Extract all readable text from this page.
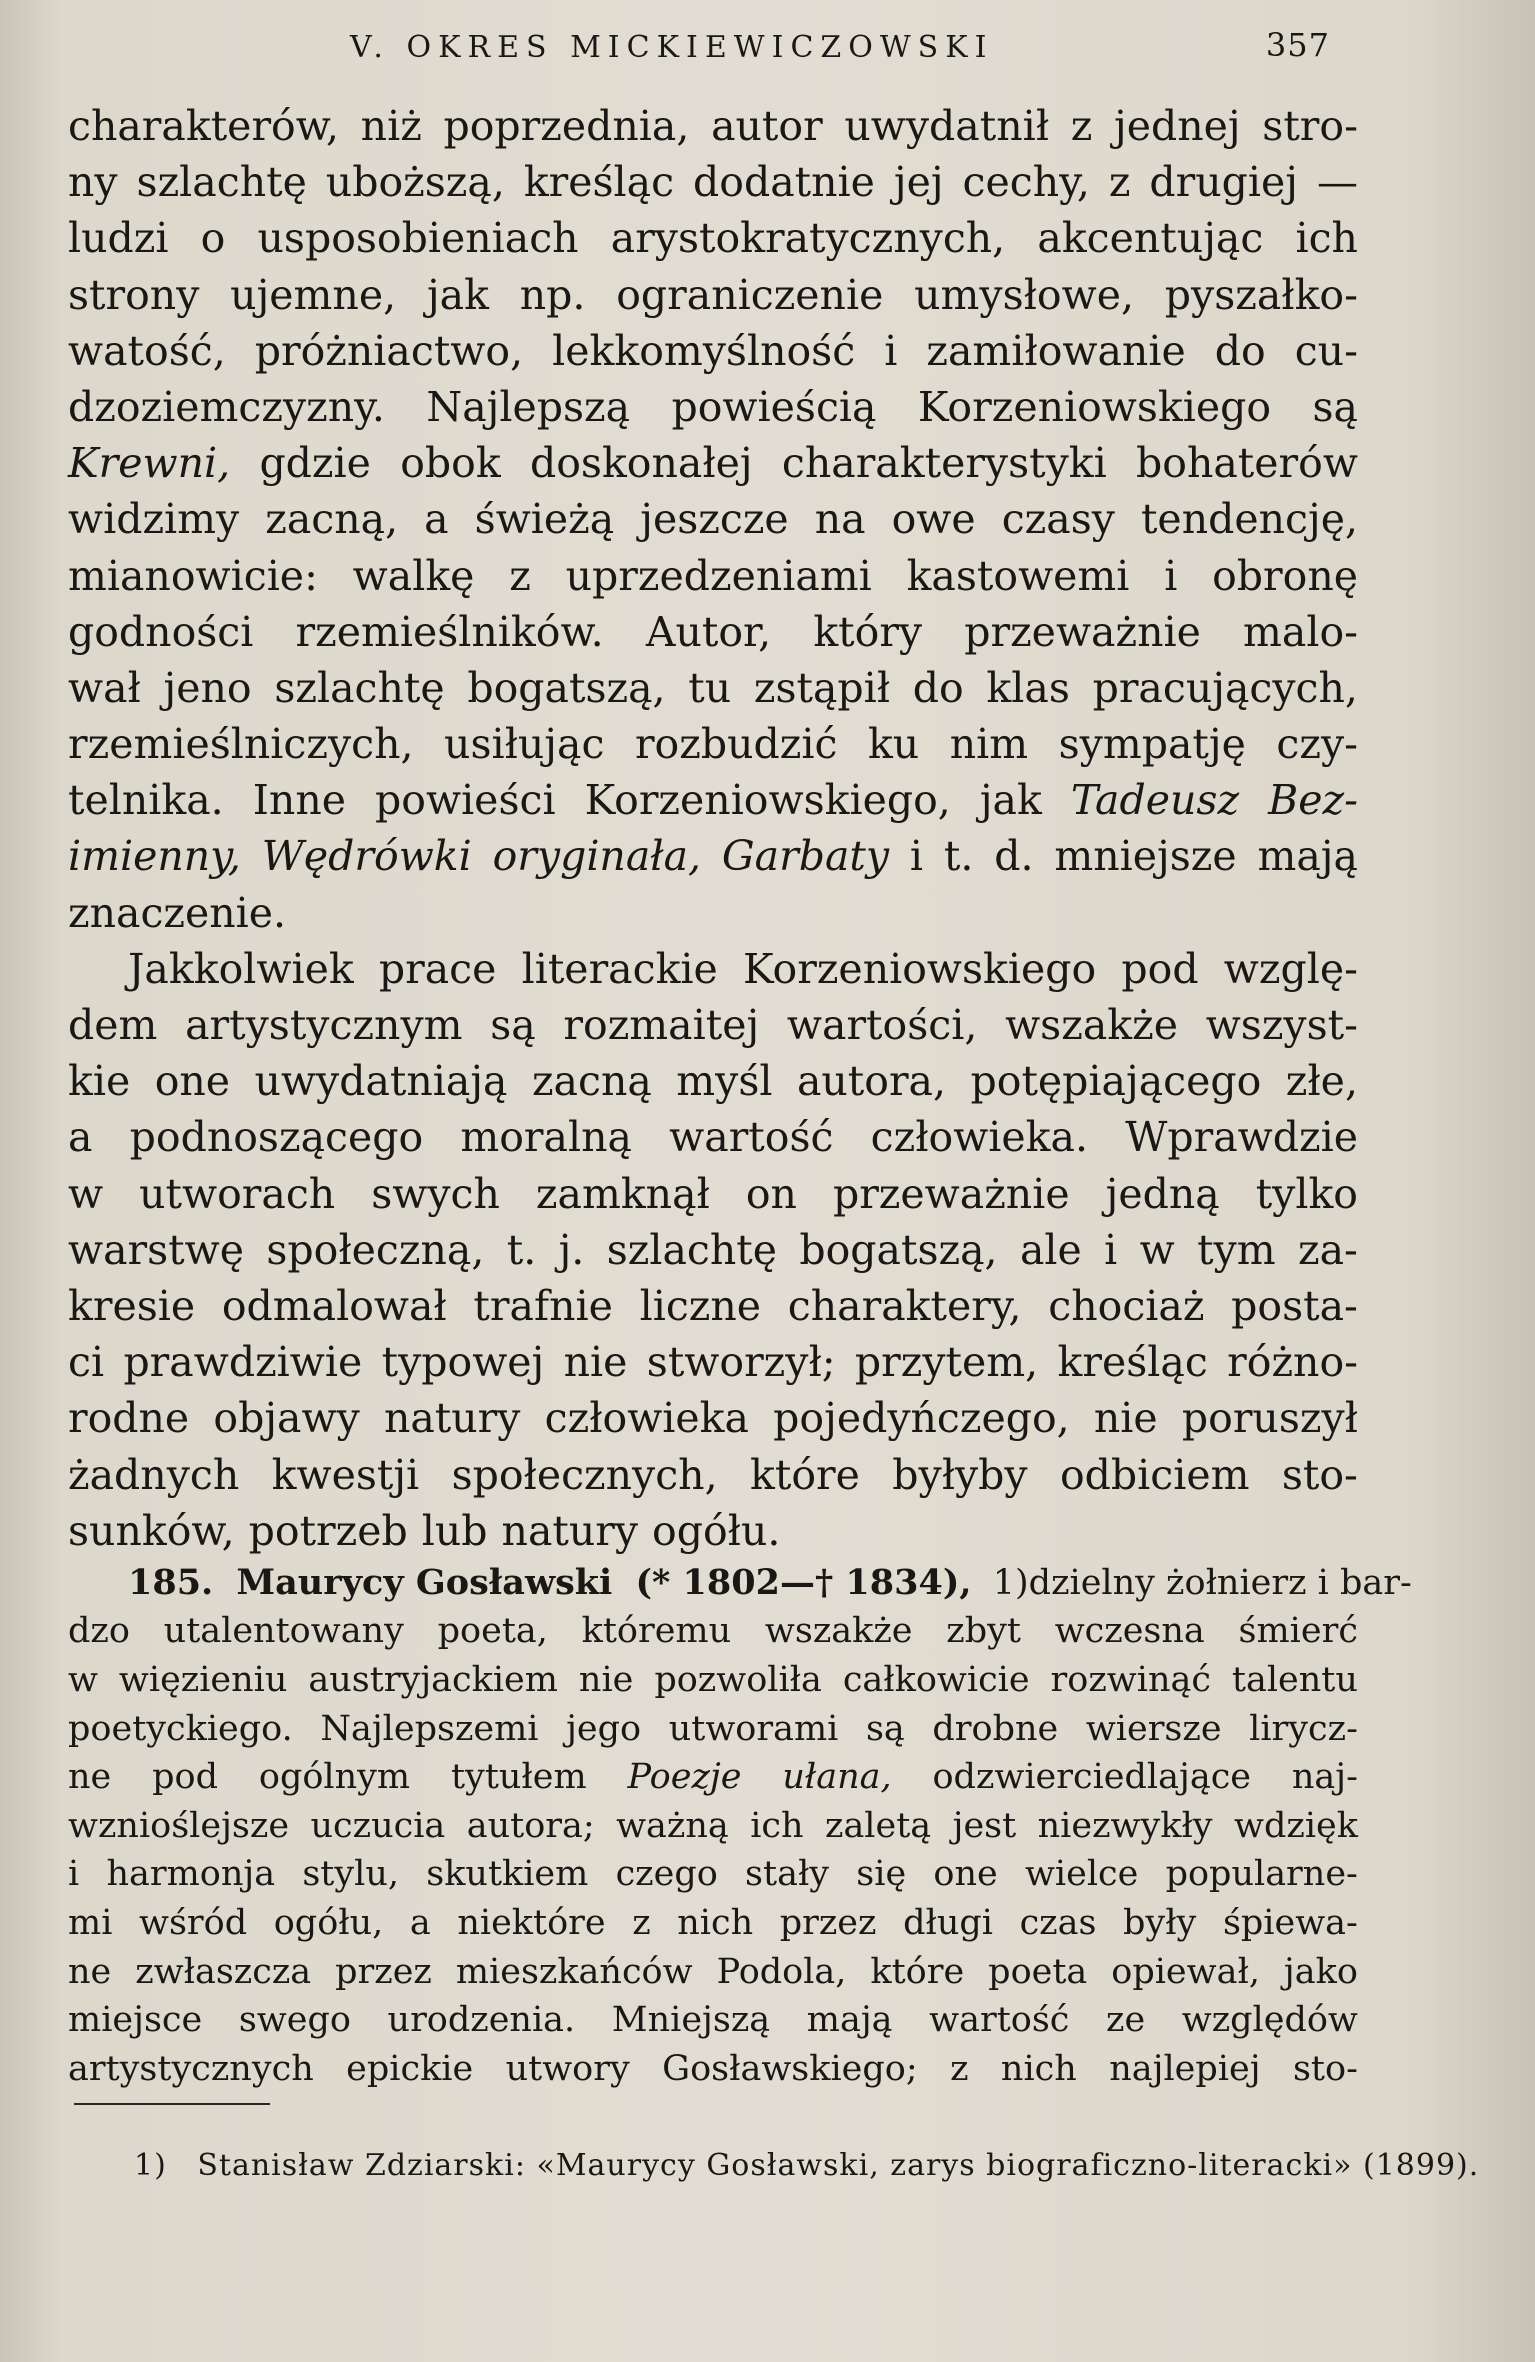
V. OKRES MICKIEWICZOWSKI	357
charakterów, niż poprzednia, autor uwydatnił z jednej stro-
ny szlachtę uboższą, kreśląc dodatnie jej cechy, z drugiej —
ludzi o usposobieniach arystokratycznych, akcentując ich
strony ujemne, jak np. ograniczenie umysłowe, pyszałko-
watość, próżniactwo, lekkomyślność i zamiłowanie do cu-
dzoziemczyzny. Najlepszą powieścią Korzeniowskiego są
Krewni, gdzie obok doskonałej charakterystyki bohaterów
widzimy zacną, a świeżą jeszcze na owe czasy tendencję,
mianowicie: walkę z uprzedzeniami kastowemi i obronę
godności rzemieślników. Autor, który przeważnie malo-
wał jeno szlachtę bogatszą, tu zstąpił do klas pracujących,
rzemieślniczych, usiłując rozbudzić ku nim sympatję czy-
telnika. Inne powieści Korzeniowskiego, jak Tadeusz Bez-
imienny, Wędrówki oryginała, Garbaty i t. d. mniejsze mają
znaczenie.
Jakkolwiek prace literackie Korzeniowskiego pod wzglę-
dem artystycznym są rozmaitej wartości, wszakże wszyst-
kie one uwydatniają zacną myśl autora, potępiającego złe,
a podnoszącego moralną wartość człowieka. Wprawdzie
w utworach swych zamknął on przeważnie jedną tylko
warstwę społeczną, t. j. szlachtę bogatszą, ale i w tym za-
kresie odmalował trafnie liczne charaktery, chociaż posta-
ci prawdziwie typowej nie stworzył; przytem, kreśląc różno-
rodne objawy natury człowieka pojedyńczego, nie poruszył
żadnych kwestji społecznych, które byłyby odbiciem sto-
sunków, potrzeb lub natury ogółu.
185. Maurycy Gosławski (* 1802—† 1834), 1) dzielny żołnierz i bar-
dzo utalentowany poeta, któremu wszakże zbyt wczesna śmierć
w więzieniu austryjackiem nie pozwoliła całkowicie rozwinąć talentu
poetyckiego. Najlepszemi jego utworami są drobne wiersze lirycz-
ne pod ogólnym tytułem Poezje ułana, odzwierciedlające naj-
wznioślejsze uczucia autora; ważną ich zaletą jest niezwykły wdzięk
i harmonja stylu, skutkiem czego stały się one wielce popularne-
mi wśród ogółu, a niektóre z nich przez długi czas były śpiewa-
ne zwłaszcza przez mieszkańców Podola, które poeta opiewał, jako
miejsce swego urodzenia. Mniejszą mają wartość ze względów
artystycznych epickie utwory Gosławskiego; z nich najlepiej sto-
1) Stanisław Zdziarski: «Maurycy Gosławski, zarys biograficzno-literacki» (1899).
